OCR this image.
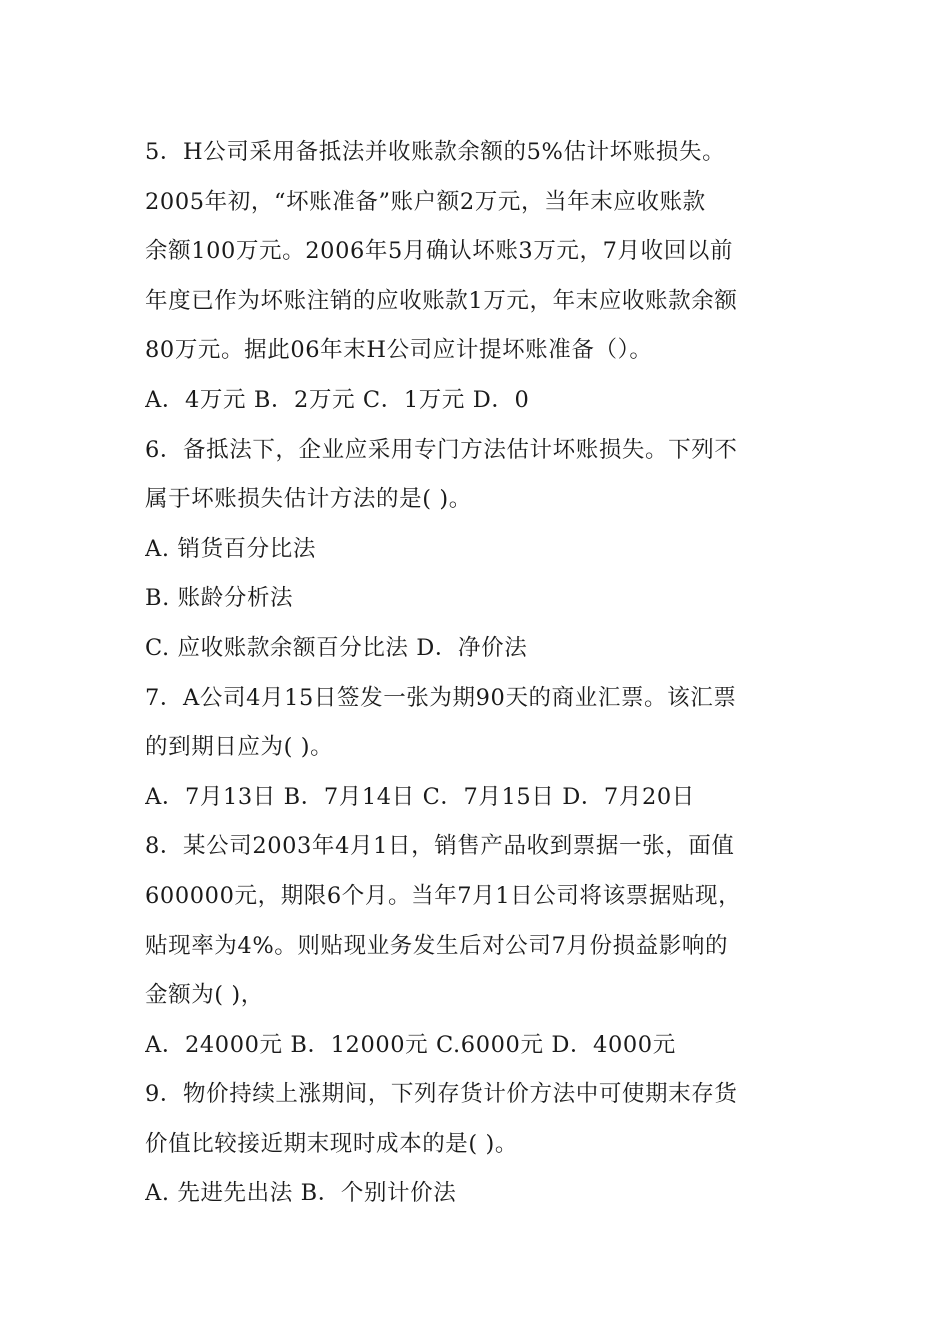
5．H公司采用备抵法并收账款余额的5%估计坏账损失。
2005年初，“坏账准备”账户额2万元，当年末应收账款
余额100万元。2006年5月确认坏账3万元，7月收回以前
年度已作为坏账注销的应收账款1万元，年末应收账款余额
80万元。据此06年末H公司应计提坏账准备（）。
A．4万元 B．2万元 C．1万元 D．0
6．备抵法下，企业应采用专门方法估计坏账损失。下列不
属于坏账损失估计方法的是( )。
A. 销货百分比法
B. 账龄分析法
C. 应收账款余额百分比法 D．净价法
7．A公司4月15日签发一张为期90天的商业汇票。该汇票
的到期日应为( )。
A．7月13日 B．7月14日 C．7月15日 D．7月20日
8．某公司2003年4月1日，销售产品收到票据一张，面值
600000元，期限6个月。当年7月1日公司将该票据贴现，
贴现率为4%。则贴现业务发生后对公司7月份损益影响的
金额为( )，
A．24000元 B．12000元 C.6000元 D．4000元
9．物价持续上涨期间，下列存货计价方法中可使期末存货
价值比较接近期末现时成本的是( )。
A. 先进先出法 B．个别计价法
